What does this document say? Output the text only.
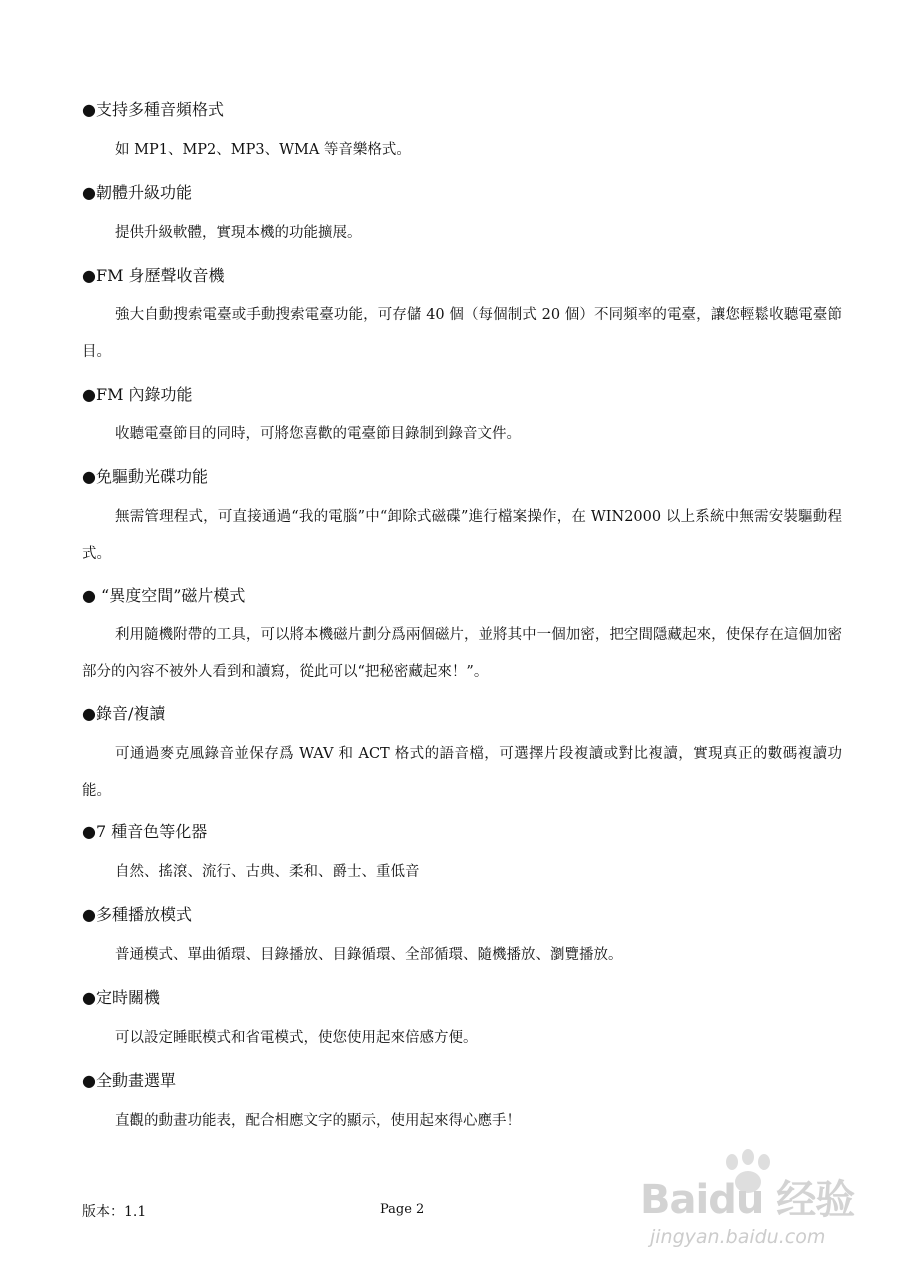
●支持多種音頻格式
如 MP1、MP2、MP3、WMA 等音樂格式。
●韌體升級功能
提供升級軟體，實現本機的功能擴展。
●FM 身歷聲收音機
強大自動搜索電臺或手動搜索電臺功能，可存儲 40 個（每個制式 20 個）不同頻率的電臺，讓您輕鬆收聽電臺節目。
●FM 內錄功能
收聽電臺節目的同時，可將您喜歡的電臺節目錄制到錄音文件。
●免驅動光碟功能
無需管理程式，可直接通過“我的電腦”中“卸除式磁碟”進行檔案操作，在 WIN2000 以上系統中無需安裝驅動程式。
● “異度空間”磁片模式
利用隨機附帶的工具，可以將本機磁片劃分爲兩個磁片，並將其中一個加密，把空間隱藏起來，使保存在這個加密部分的內容不被外人看到和讀寫，從此可以“把秘密藏起來！”。
●錄音/複讀
可通過麥克風錄音並保存爲 WAV 和 ACT 格式的語音檔，可選擇片段複讀或對比複讀，實現真正的數碼複讀功能。
●7 種音色等化器
自然、搖滾、流行、古典、柔和、爵士、重低音
●多種播放模式
普通模式、單曲循環、目錄播放、目錄循環、全部循環、隨機播放、瀏覽播放。
●定時關機
可以設定睡眠模式和省電模式，使您使用起來倍感方便。
●全動畫選單
直觀的動畫功能表，配合相應文字的顯示，使用起來得心應手！
版本：1.1	Page 2	Baidu 经验
jingyan.baidu.com
